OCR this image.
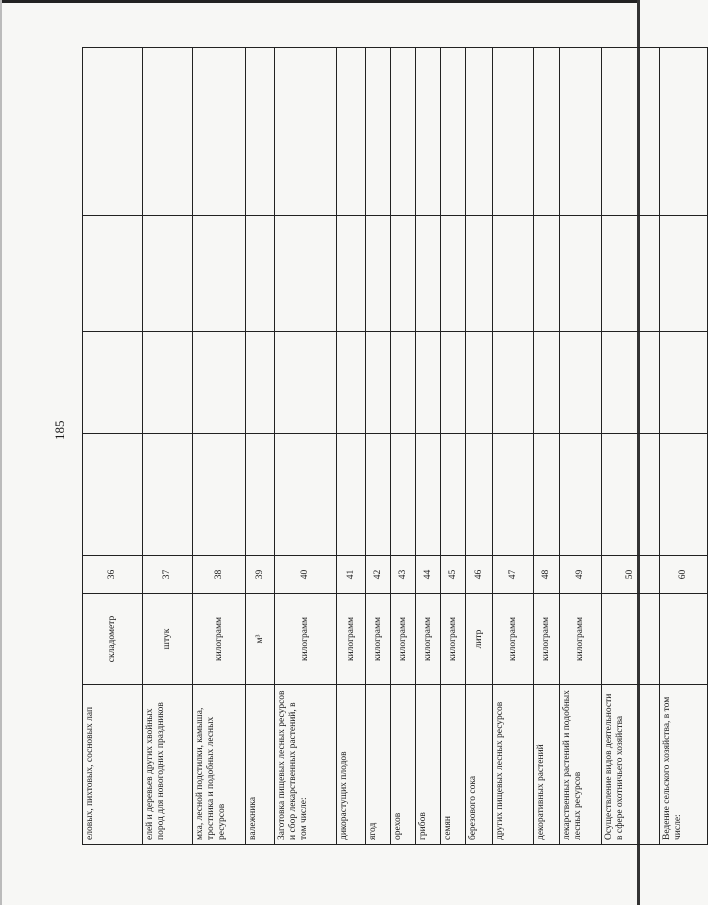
185
еловых, пихтовых, сосновых лап	складометр	36				
елей и деревьев других хвойных пород для новогодних праздников	штук	37				
мха, лесной подстилки, камыша, тростника и подобных лесных ресурсов	килограмм	38				
валежника	м³	39				
Заготовка пищевых лесных ресурсов и сбор лекарственных растений, в том числе:	килограмм	40				
дикорастущих плодов	килограмм	41				
ягод	килограмм	42				
орехов	килограмм	43				
грибов	килограмм	44				
семян	килограмм	45				
березового сока	литр	46				
других пищевых лесных ресурсов	килограмм	47				
декоративных растений	килограмм	48				
лекарственных растений и подобных лесных ресурсов	килограмм	49				
Осуществление видов деятельности в сфере охотничьего хозяйства		50				
Ведение сельского хозяйства, в том числе:		60				
